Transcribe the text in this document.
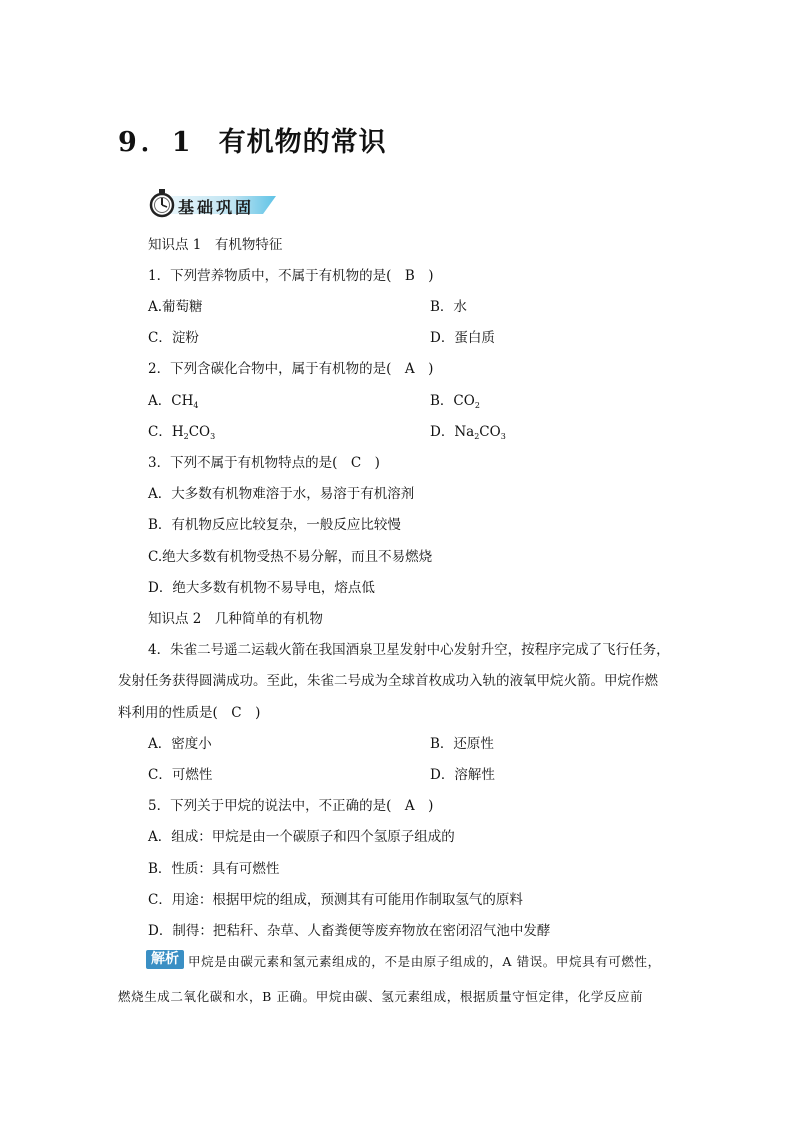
9．1 有机物的常识
基础巩固
知识点 1　有机物特征
1．下列营养物质中，不属于有机物的是(　B　)
A.葡萄糖	B．水
C．淀粉	D．蛋白质
2．下列含碳化合物中，属于有机物的是(　A　)
A．$CH_4$	B．$CO_2$
C．$H_2CO_3$	D．$Na_2CO_3$
3．下列不属于有机物特点的是(　C　)
A．大多数有机物难溶于水，易溶于有机溶剂
B．有机物反应比较复杂，一般反应比较慢
C.绝大多数有机物受热不易分解，而且不易燃烧
D．绝大多数有机物不易导电，熔点低
知识点 2　几种简单的有机物
4．朱雀二号遥二运载火箭在我国酒泉卫星发射中心发射升空，按程序完成了飞行任务，
发射任务获得圆满成功。至此，朱雀二号成为全球首枚成功入轨的液氧甲烷火箭。甲烷作燃
料利用的性质是(　C　)
A．密度小	B．还原性
C．可燃性	D．溶解性
5．下列关于甲烷的说法中，不正确的是(　A　)
A．组成：甲烷是由一个碳原子和四个氢原子组成的
B．性质：具有可燃性
C．用途：根据甲烷的组成，预测其有可能用作制取氢气的原料
D．制得：把秸秆、杂草、人畜粪便等废弃物放在密闭沼气池中发酵
解析 甲烷是由碳元素和氢元素组成的，不是由原子组成的，A 错误。甲烷具有可燃性，
燃烧生成二氧化碳和水，B 正确。甲烷由碳、氢元素组成，根据质量守恒定律，化学反应前
